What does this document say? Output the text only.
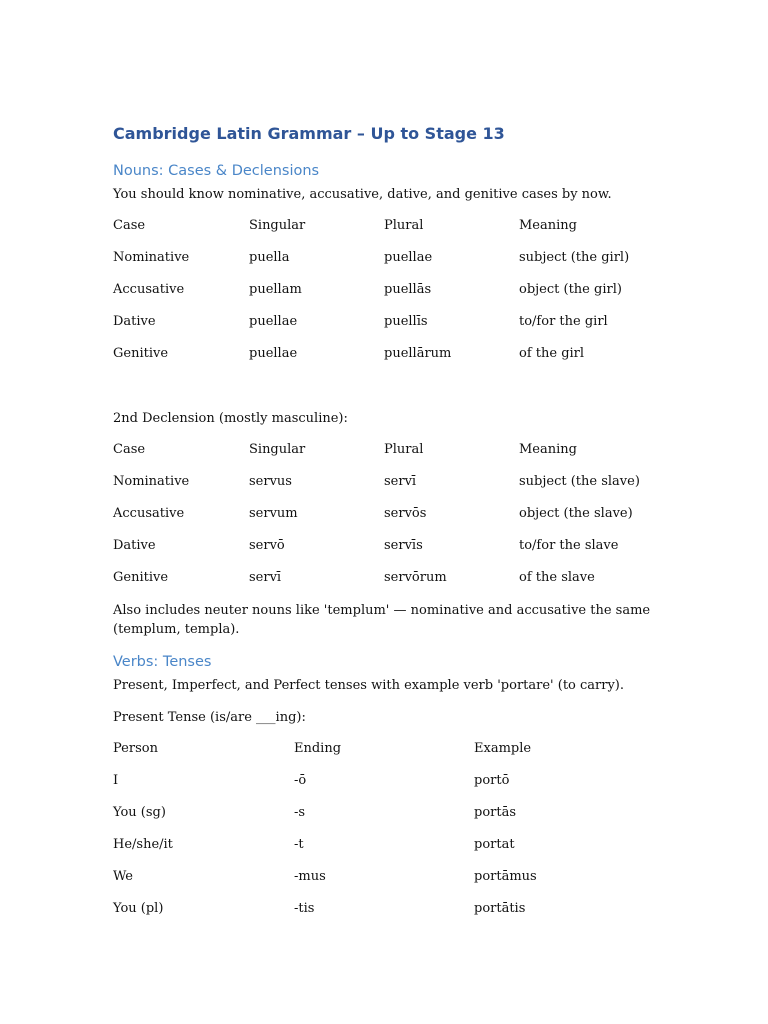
Cambridge Latin Grammar – Up to Stage 13
Nouns: Cases & Declensions
You should know nominative, accusative, dative, and genitive cases by now.
Case	Singular	Plural	Meaning
Nominative	puella	puellae	subject (the girl)
Accusative	puellam	puellās	object (the girl)
Dative	puellae	puellīs	to/for the girl
Genitive	puellae	puellārum	of the girl
2nd Declension (mostly masculine):
Case	Singular	Plural	Meaning
Nominative	servus	servī	subject (the slave)
Accusative	servum	servōs	object (the slave)
Dative	servō	servīs	to/for the slave
Genitive	servī	servōrum	of the slave
Also includes neuter nouns like 'templum' — nominative and accusative the same (templum, templa).
Verbs: Tenses
Present, Imperfect, and Perfect tenses with example verb 'portare' (to carry).
Present Tense (is/are ___ing):
Person	Ending	Example
I	-ō	portō
You (sg)	-s	portās
He/she/it	-t	portat
We	-mus	portāmus
You (pl)	-tis	portātis
